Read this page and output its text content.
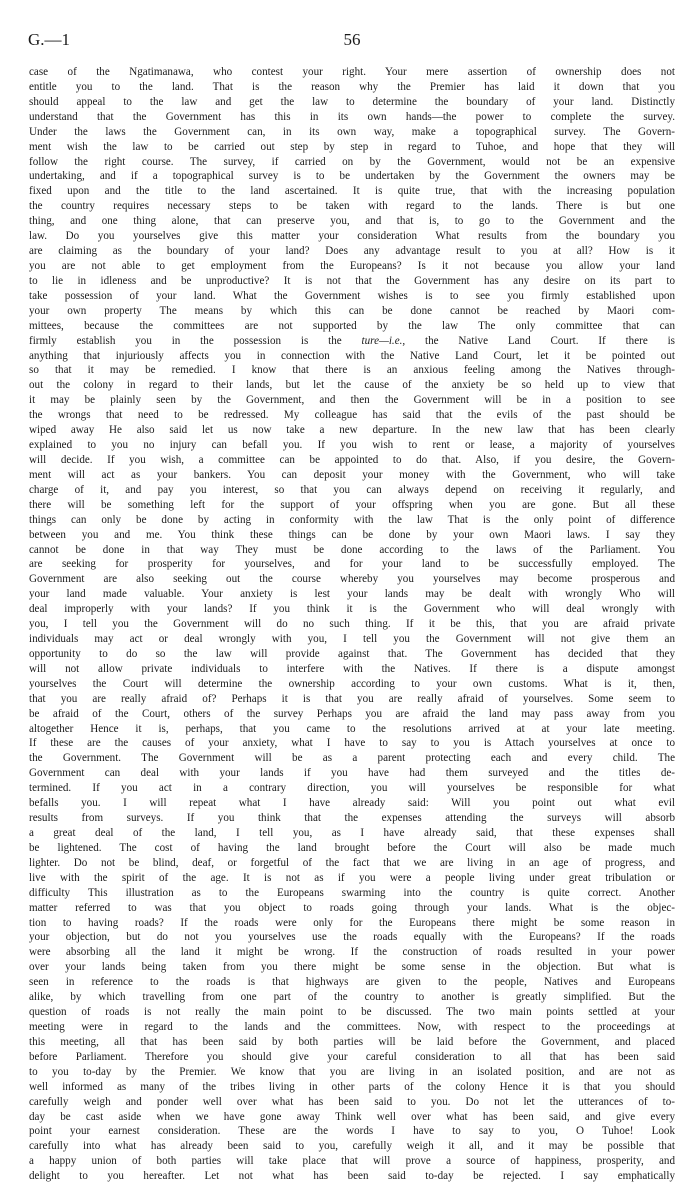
G.—1	56
case of the Ngatimanawa, who contest your right. Your mere assertion of ownership does not
entitle you to the land. That is the reason why the Premier has laid it down that you
should appeal to the law and get the law to determine the boundary of your land. Distinctly
understand that the Government has this in its own hands—the power to complete the survey.
Under the laws the Government can, in its own way, make a topographical survey. The Govern-
ment wish the law to be carried out step by step in regard to Tuhoe, and hope that they will
follow the right course. The survey, if carried on by the Government, would not be an expensive
undertaking, and if a topographical survey is to be undertaken by the Government the owners may be
fixed upon and the title to the land ascertained. It is quite true, that with the increasing population
the country requires necessary steps to be taken with regard to the lands. There is but one
thing, and one thing alone, that can preserve you, and that is, to go to the Government and the
law. Do you yourselves give this matter your consideration What results from the boundary you
are claiming as the boundary of your land? Does any advantage result to you at all? How is it
you are not able to get employment from the Europeans? Is it not because you allow your land
to lie in idleness and be unproductive? It is not that the Government has any desire on its part to
take possession of your land. What the Government wishes is to see you firmly established upon
your own property The means by which this can be done cannot be reached by Maori com-
mittees, because the committees are not supported by the law The only committee that can
firmly establish you in the possession is the ture—i.e., the Native Land Court. If there is
anything that injuriously affects you in connection with the Native Land Court, let it be pointed out
so that it may be remedied. I know that there is an anxious feeling among the Natives through-
out the colony in regard to their lands, but let the cause of the anxiety be so held up to view that
it may be plainly seen by the Government, and then the Government will be in a position to see
the wrongs that need to be redressed. My colleague has said that the evils of the past should be
wiped away He also said let us now take a new departure. In the new law that has been clearly
explained to you no injury can befall you. If you wish to rent or lease, a majority of yourselves
will decide. If you wish, a committee can be appointed to do that. Also, if you desire, the Govern-
ment will act as your bankers. You can deposit your money with the Government, who will take
charge of it, and pay you interest, so that you can always depend on receiving it regularly, and
there will be something left for the support of your offspring when you are gone. But all these
things can only be done by acting in conformity with the law That is the only point of difference
between you and me. You think these things can be done by your own Maori laws. I say they
cannot be done in that way They must be done according to the laws of the Parliament. You
are seeking for prosperity for yourselves, and for your land to be successfully employed. The
Government are also seeking out the course whereby you yourselves may become prosperous and
your land made valuable. Your anxiety is lest your lands may be dealt with wrongly Who will
deal improperly with your lands? If you think it is the Government who will deal wrongly with
you, I tell you the Government will do no such thing. If it be this, that you are afraid private
individuals may act or deal wrongly with you, I tell you the Government will not give them an
opportunity to do so the law will provide against that. The Government has decided that they
will not allow private individuals to interfere with the Natives. If there is a dispute amongst
yourselves the Court will determine the ownership according to your own customs. What is it, then,
that you are really afraid of? Perhaps it is that you are really afraid of yourselves. Some seem to
be afraid of the Court, others of the survey Perhaps you are afraid the land may pass away from you
altogether Hence it is, perhaps, that you came to the resolutions arrived at at your late meeting.
If these are the causes of your anxiety, what I have to say to you is Attach yourselves at once to
the Government. The Government will be as a parent protecting each and every child. The
Government can deal with your lands if you have had them surveyed and the titles de-
termined. If you act in a contrary direction, you will yourselves be responsible for what
befalls you. I will repeat what I have already said: Will you point out what evil
results from surveys. If you think that the expenses attending the surveys will absorb
a great deal of the land, I tell you, as I have already said, that these expenses shall
be lightened. The cost of having the land brought before the Court will also be made much
lighter. Do not be blind, deaf, or forgetful of the fact that we are living in an age of progress, and
live with the spirit of the age. It is not as if you were a people living under great tribulation or
difficulty This illustration as to the Europeans swarming into the country is quite correct. Another
matter referred to was that you object to roads going through your lands. What is the objec-
tion to having roads? If the roads were only for the Europeans there might be some reason in
your objection, but do not you yourselves use the roads equally with the Europeans? If the roads
were absorbing all the land it might be wrong. If the construction of roads resulted in your power
over your lands being taken from you there might be some sense in the objection. But what is
seen in reference to the roads is that highways are given to the people, Natives and Europeans
alike, by which travelling from one part of the country to another is greatly simplified. But the
question of roads is not really the main point to be discussed. The two main points settled at your
meeting were in regard to the lands and the committees. Now, with respect to the proceedings at
this meeting, all that has been said by both parties will be laid before the Government, and placed
before Parliament. Therefore you should give your careful consideration to all that has been said
to you to-day by the Premier. We know that you are living in an isolated position, and are not as
well informed as many of the tribes living in other parts of the colony Hence it is that you should
carefully weigh and ponder well over what has been said to you. Do not let the utterances of to-
day be cast aside when we have gone away Think well over what has been said, and give every
point your earnest consideration. These are the words I have to say to you, O Tuhoe! Look
carefully into what has already been said to you, carefully weigh it all, and it may be possible that
a happy union of both parties will take place that will prove a source of happiness, prosperity, and
delight to you hereafter. Let not what has been said to-day be rejected. I say emphatically
